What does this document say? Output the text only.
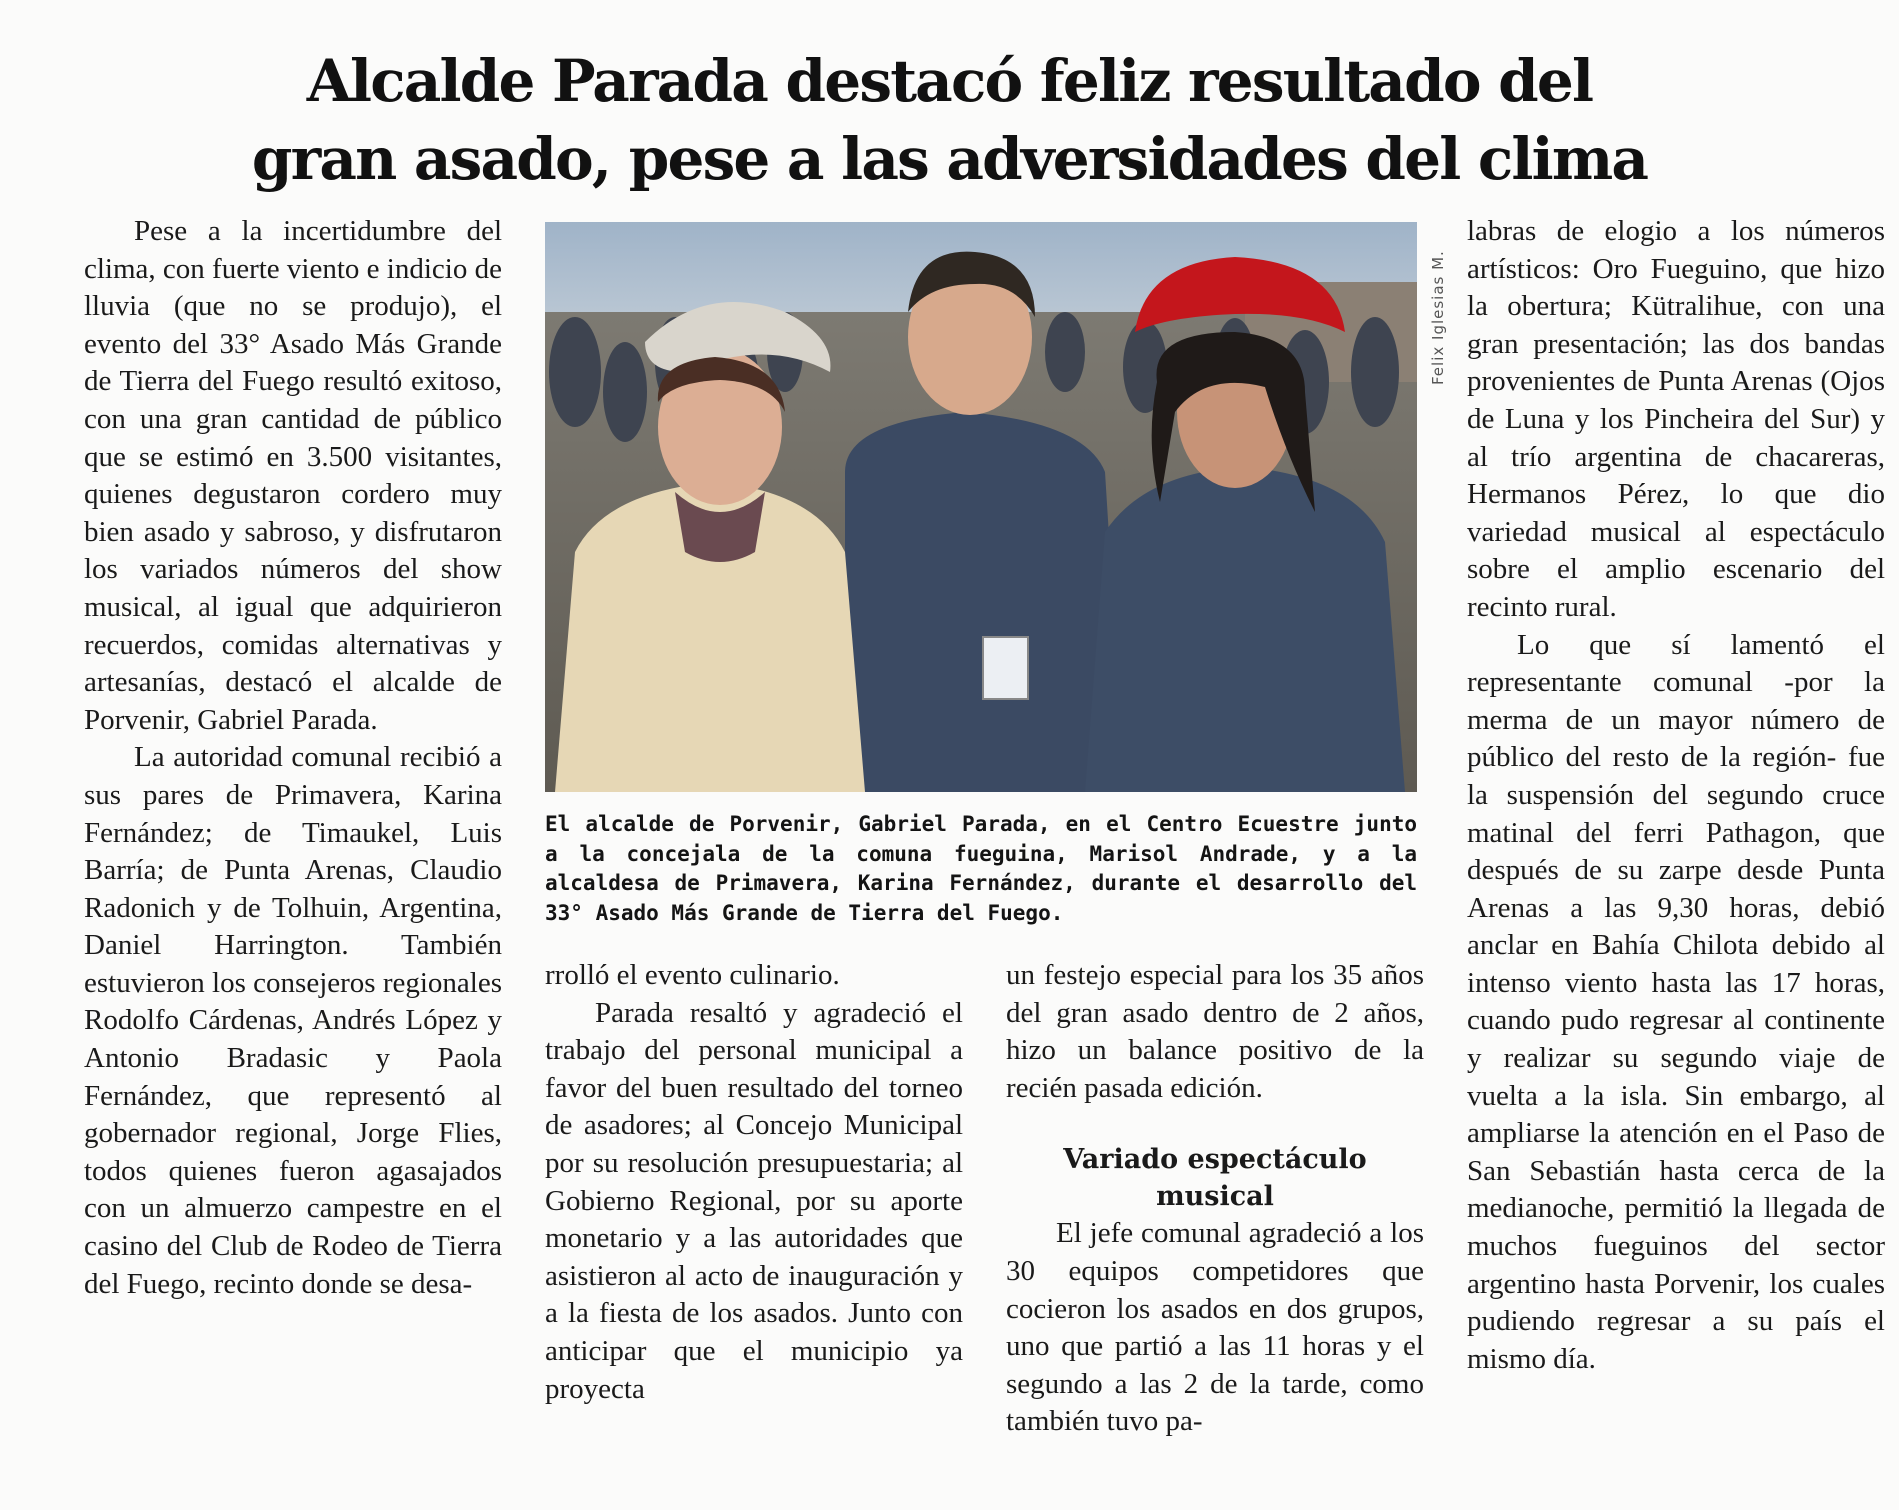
Alcalde Parada destacó feliz resultado del
gran asado, pese a las adversidades del clima

Pese a la incertidumbre del clima, con fuerte viento e indicio de lluvia (que no se produjo), el evento del 33° Asado Más Grande de Tierra del Fuego resultó exitoso, con una gran cantidad de público que se estimó en 3.500 visitantes, quienes degustaron cordero muy bien asado y sabroso, y disfrutaron los variados números del show musical, al igual que adquirieron recuerdos, comidas alternativas y artesanías, destacó el alcalde de Porvenir, Gabriel Parada.

La autoridad comunal recibió a sus pares de Primavera, Karina Fernández; de Timaukel, Luis Barría; de Punta Arenas, Claudio Radonich y de Tolhuin, Argentina, Daniel Harrington. También estuvieron los consejeros regionales Rodolfo Cárdenas, Andrés López y Antonio Bradasic y Paola Fernández, que representó al gobernador regional, Jorge Flies, todos quienes fueron agasajados con un almuerzo campestre en el casino del Club de Rodeo de Tierra del Fuego, recinto donde se desa-

Felix Iglesias M.

El alcalde de Porvenir, Gabriel Parada, en el Centro Ecuestre junto a la concejala de la comuna fueguina, Marisol Andrade, y a la alcaldesa de Primavera, Karina Fernández, durante el desarrollo del 33° Asado Más Grande de Tierra del Fuego.

rrolló el evento culinario.

Parada resaltó y agradeció el trabajo del personal municipal a favor del buen resultado del torneo de asadores; al Concejo Municipal por su resolución presupuestaria; al Gobierno Regional, por su aporte monetario y a las autoridades que asistieron al acto de inauguración y a la fiesta de los asados. Junto con anticipar que el municipio ya proyecta

un festejo especial para los 35 años del gran asado dentro de 2 años, hizo un balance positivo de la recién pasada edición.

Variado espectáculo musical

El jefe comunal agradeció a los 30 equipos competidores que cocieron los asados en dos grupos, uno que partió a las 11 horas y el segundo a las 2 de la tarde, como también tuvo pa-

labras de elogio a los números artísticos: Oro Fueguino, que hizo la obertura; Kütralihue, con una gran presentación; las dos bandas provenientes de Punta Arenas (Ojos de Luna y los Pincheira del Sur) y al trío argentina de chacareras, Hermanos Pérez, lo que dio variedad musical al espectáculo sobre el amplio escenario del recinto rural.

Lo que sí lamentó el representante comunal -por la merma de un mayor número de público del resto de la región- fue la suspensión del segundo cruce matinal del ferri Pathagon, que después de su zarpe desde Punta Arenas a las 9,30 horas, debió anclar en Bahía Chilota debido al intenso viento hasta las 17 horas, cuando pudo regresar al continente y realizar su segundo viaje de vuelta a la isla. Sin embargo, al ampliarse la atención en el Paso de San Sebastián hasta cerca de la medianoche, permitió la llegada de muchos fueguinos del sector argentino hasta Porvenir, los cuales pudiendo regresar a su país el mismo día.
